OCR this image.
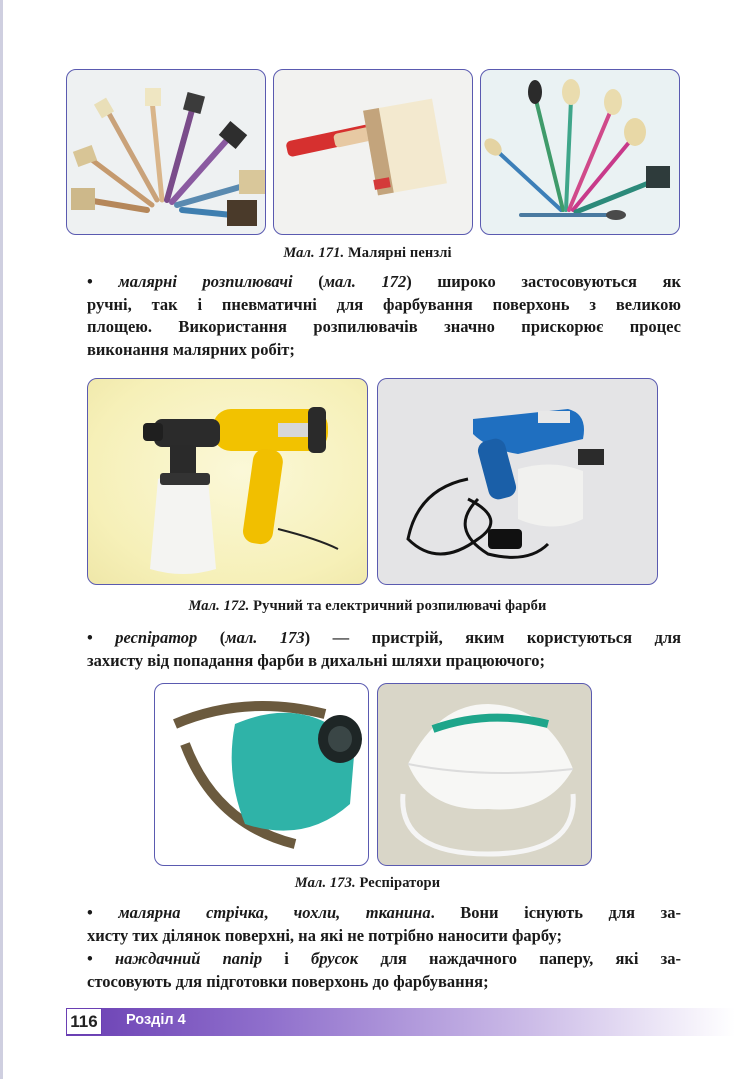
Мал. 171. Малярні пензлі
• малярні розпилювачі (мал. 172) широко застосовуються як
ручні, так і пневматичні для фарбування поверхонь з великою
площею. Використання розпилювачів значно прискорює процес
виконання малярних робіт;
Мал. 172. Ручний та електричний розпилювачі фарби
• респіратор (мал. 173) — пристрій, яким користуються для
захисту від попадання фарби в дихальні шляхи працюючого;
Мал. 173. Респіратори
• малярна стрічка, чохли, тканина. Вони існують для за-
хисту тих ділянок поверхні, на які не потрібно наносити фарбу;
• наждачний папір і брусок для наждачного паперу, які за-
стосовують для підготовки поверхонь до фарбування;
116 Розділ 4
